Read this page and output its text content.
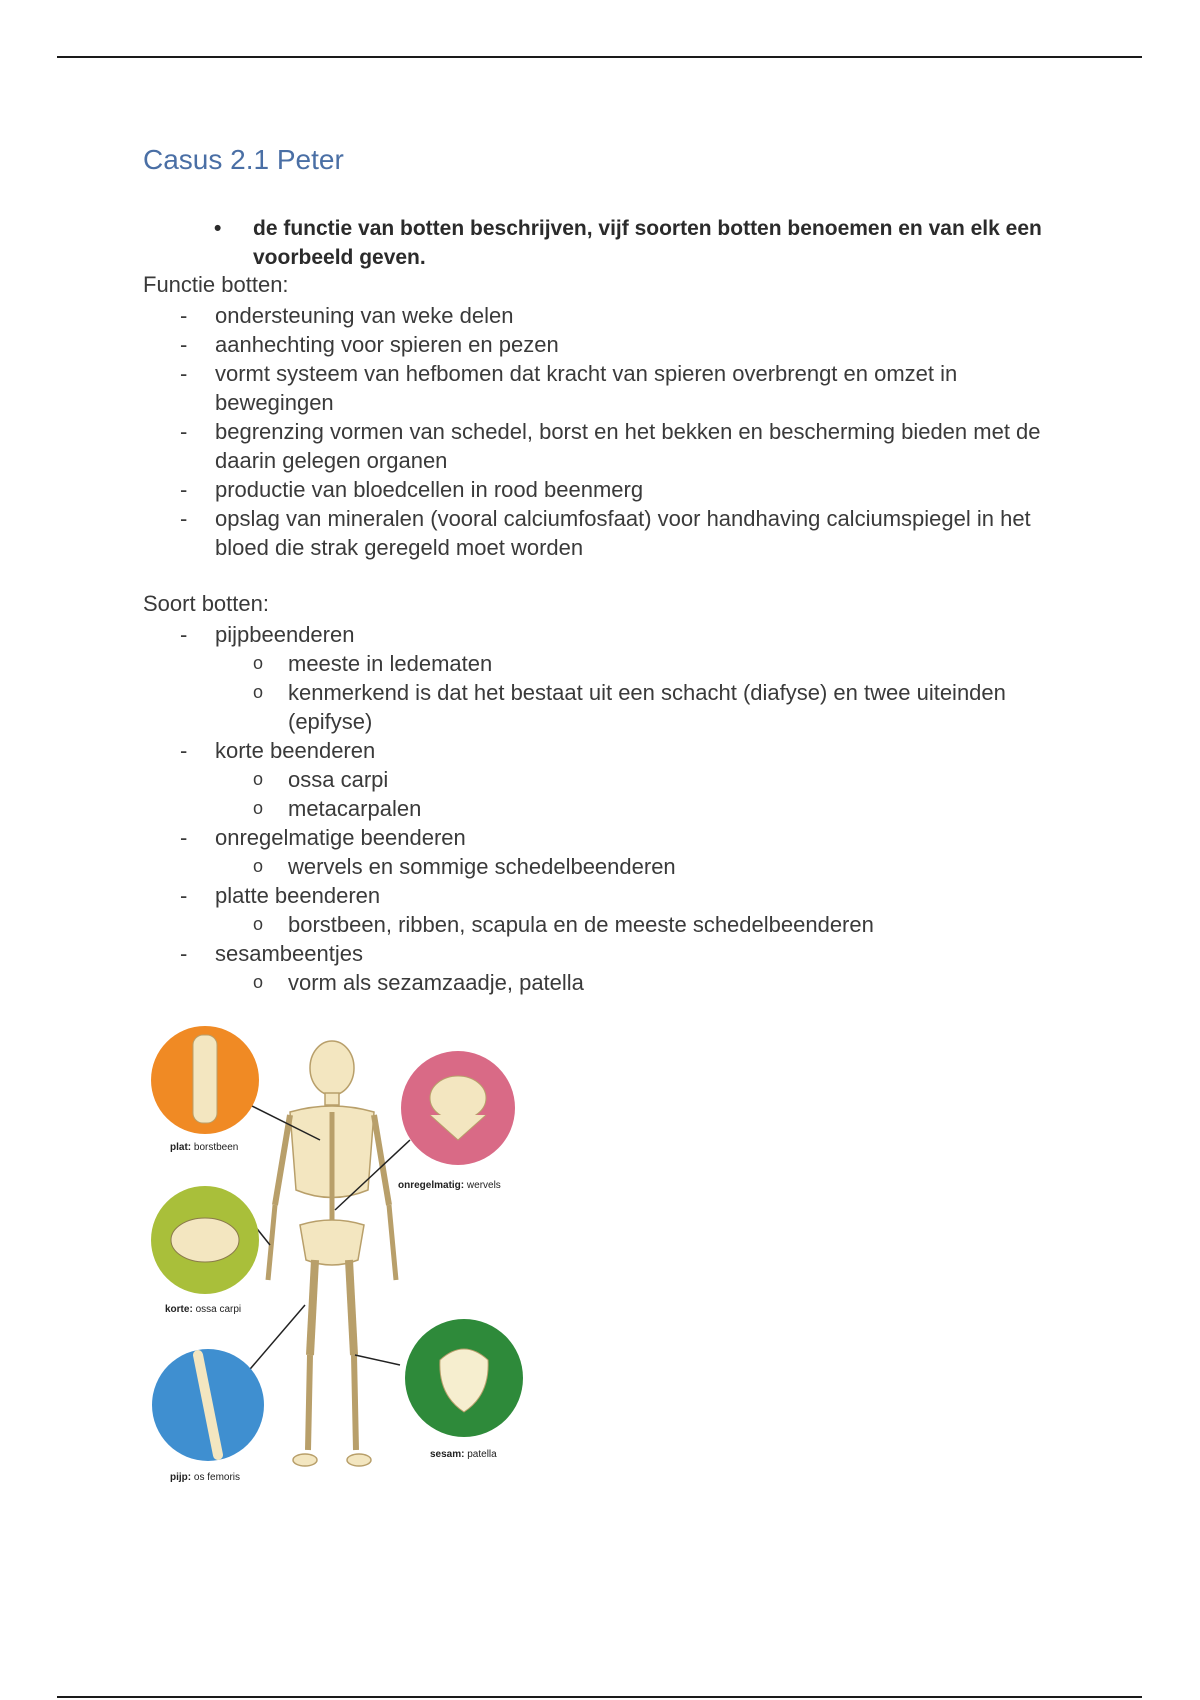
Casus 2.1 Peter
• de functie van botten beschrijven, vijf soorten botten benoemen en van elk een voorbeeld geven.
Functie botten:
- ondersteuning van weke delen
- aanhechting voor spieren en pezen
- vormt systeem van hefbomen dat kracht van spieren overbrengt en omzet in bewegingen
- begrenzing vormen van schedel, borst en het bekken en bescherming bieden met de daarin gelegen organen
- productie van bloedcellen in rood beenmerg
- opslag van mineralen (vooral calciumfosfaat) voor handhaving calciumspiegel in het bloed die strak geregeld moet worden
Soort botten:
- pijpbeenderen
o meeste in ledematen
o kenmerkend is dat het bestaat uit een schacht (diafyse) en twee uiteinden (epifyse)
- korte beenderen
o ossa carpi
o metacarpalen
- onregelmatige beenderen
o wervels en sommige schedelbeenderen
- platte beenderen
o borstbeen, ribben, scapula en de meeste schedelbeenderen
- sesambeentjes
o vorm als sezamzaadje, patella
plat: borstbeen
onregelmatig: wervels
korte: ossa carpi
pijp: os femoris
sesam: patella
